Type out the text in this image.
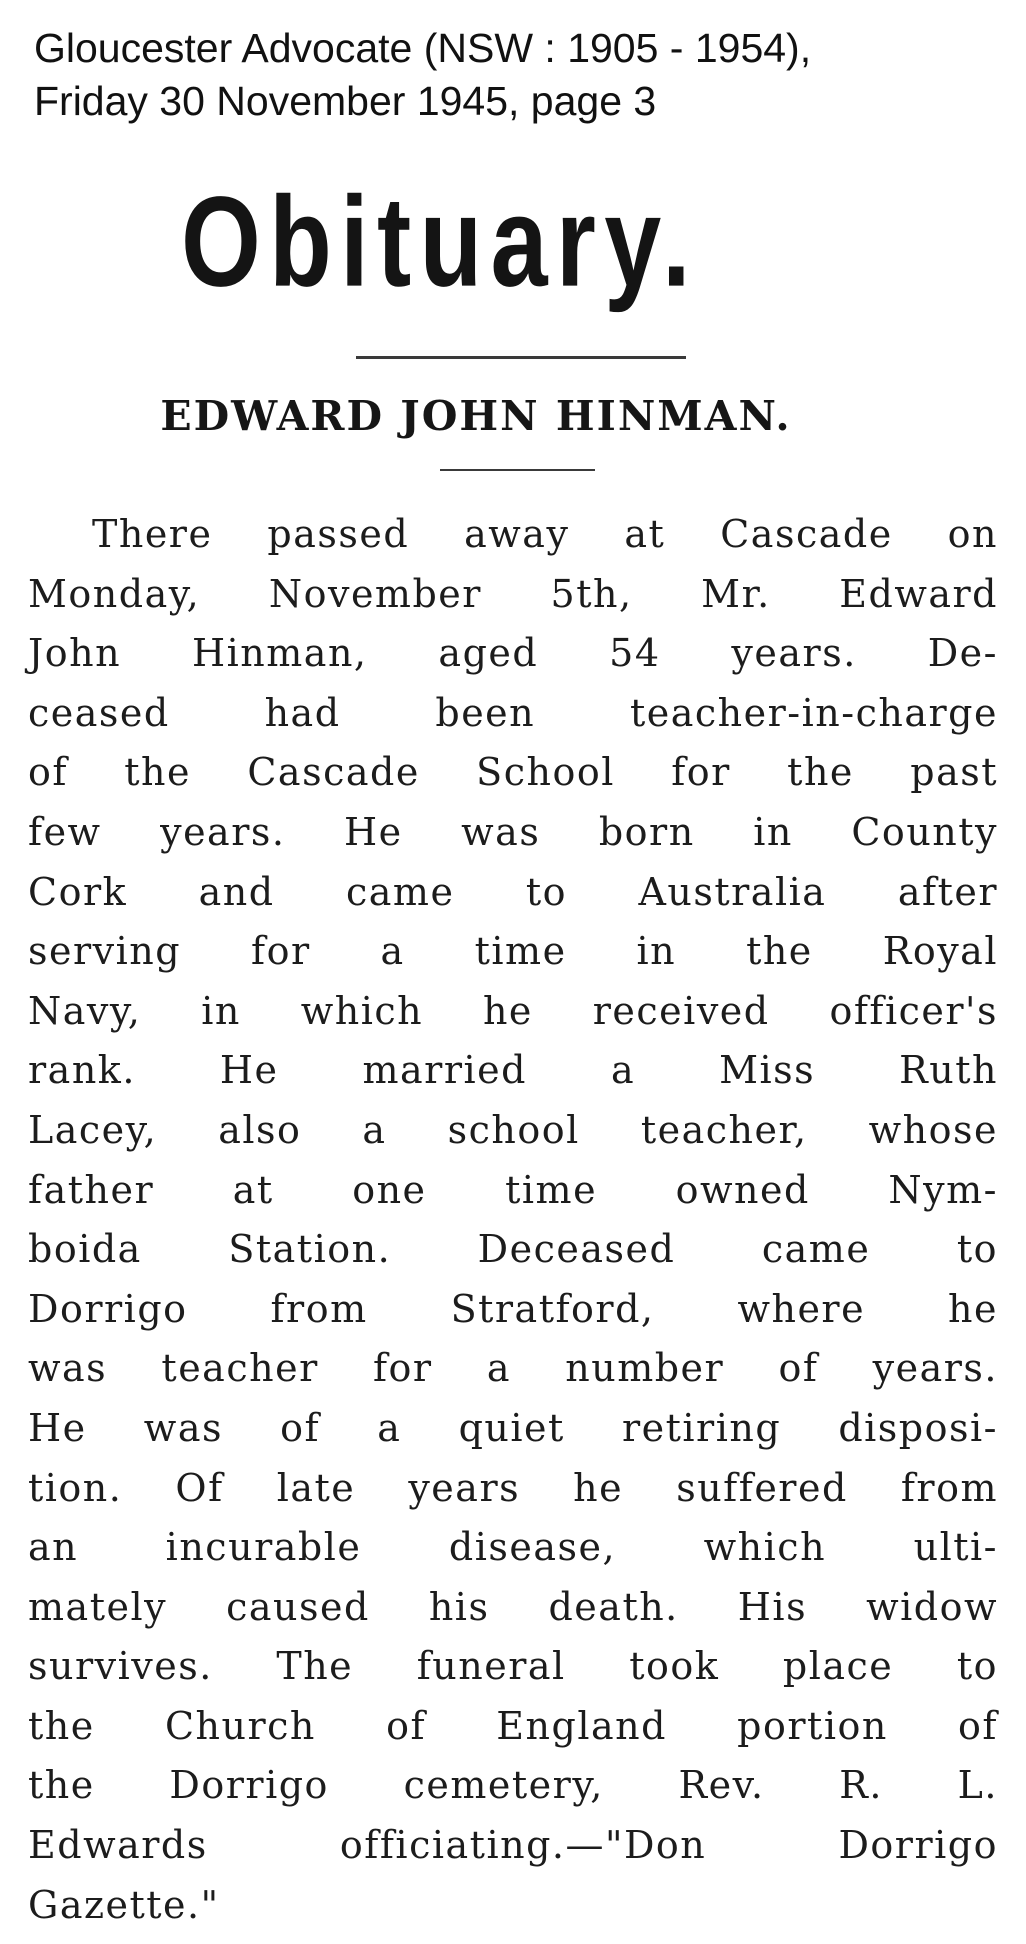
Gloucester Advocate (NSW : 1905 - 1954),
Friday 30 November 1945, page 3
Obituary.
EDWARD JOHN HINMAN.
There passed away at Cascade on
Monday, November 5th, Mr. Edward
John Hinman, aged 54 years. De-
ceased had been teacher-in-charge
of the Cascade School for the past
few years. He was born in County
Cork and came to Australia after
serving for a time in the Royal
Navy, in which he received officer's
rank. He married a Miss Ruth
Lacey, also a school teacher, whose
father at one time owned Nym-
boida Station. Deceased came to
Dorrigo from Stratford, where he
was teacher for a number of years.
He was of a quiet retiring disposi-
tion. Of late years he suffered from
an incurable disease, which ulti-
mately caused his death. His widow
survives. The funeral took place to
the Church of England portion of
the Dorrigo cemetery, Rev. R. L.
Edwards officiating.—"Don Dorrigo
Gazette."
